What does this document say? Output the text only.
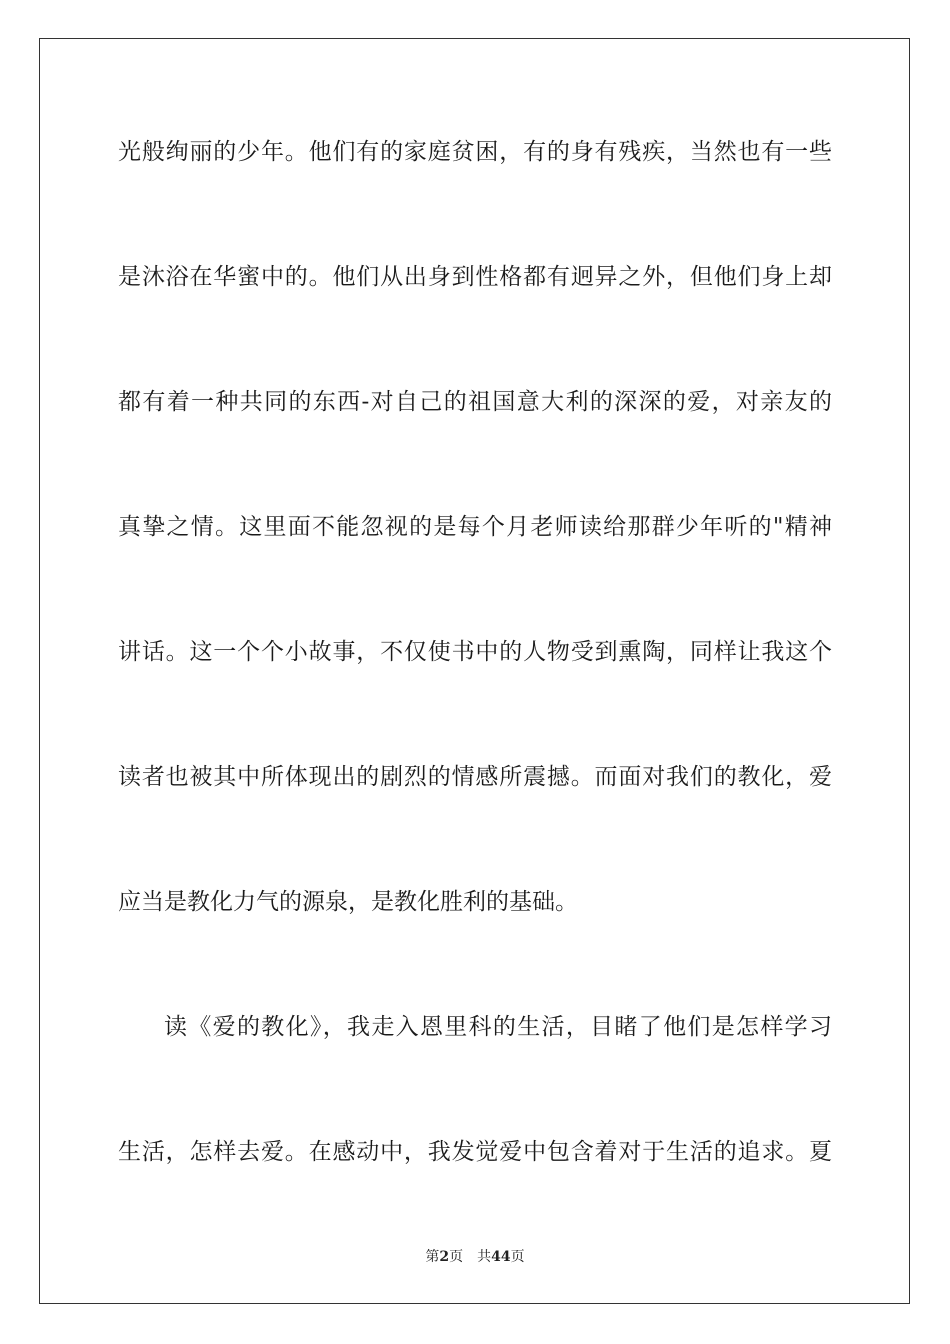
光般绚丽的少年。他们有的家庭贫困，有的身有残疾，当然也有一些
是沐浴在华蜜中的。他们从出身到性格都有迥异之外，但他们身上却
都有着一种共同的东西-对自己的祖国意大利的深深的爱，对亲友的
真挚之情。这里面不能忽视的是每个月老师读给那群少年听的"精神
讲话。这一个个小故事，不仅使书中的人物受到熏陶，同样让我这个
读者也被其中所体现出的剧烈的情感所震撼。而面对我们的教化，爱
应当是教化力气的源泉，是教化胜利的基础。
读《爱的教化》，我走入恩里科的生活，目睹了他们是怎样学习
生活，怎样去爱。在感动中，我发觉爱中包含着对于生活的追求。夏
第2页 共44页
